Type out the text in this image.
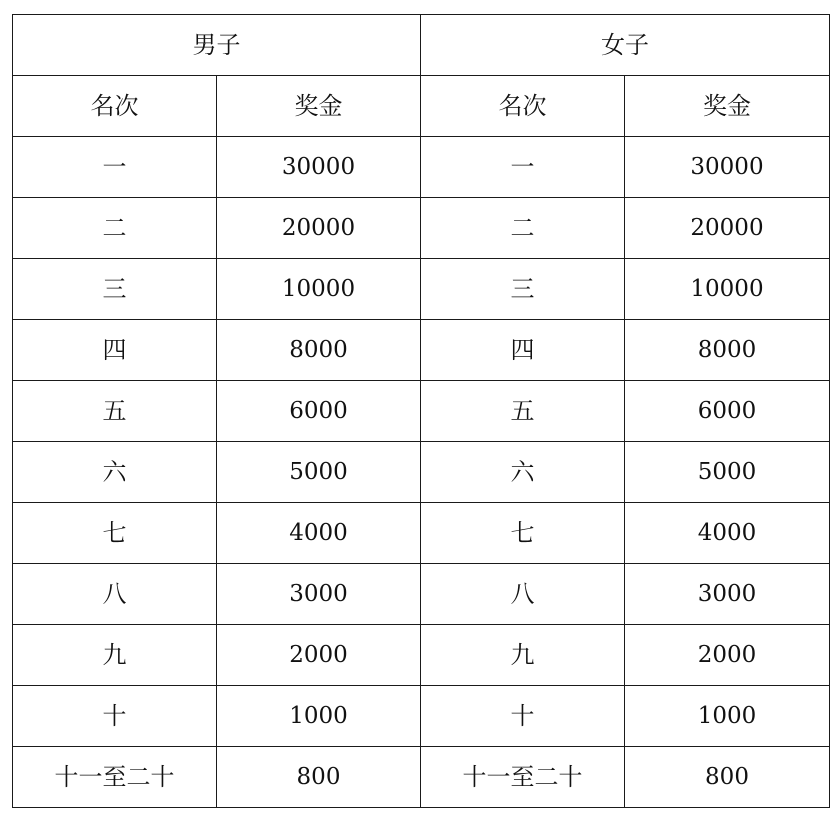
男子		女子	
名次	奖金	名次	奖金
一	30000	一	30000
二	20000	二	20000
三	10000	三	10000
四	8000	四	8000
五	6000	五	6000
六	5000	六	5000
七	4000	七	4000
八	3000	八	3000
九	2000	九	2000
十	1000	十	1000
十一至二十	800	十一至二十	800
